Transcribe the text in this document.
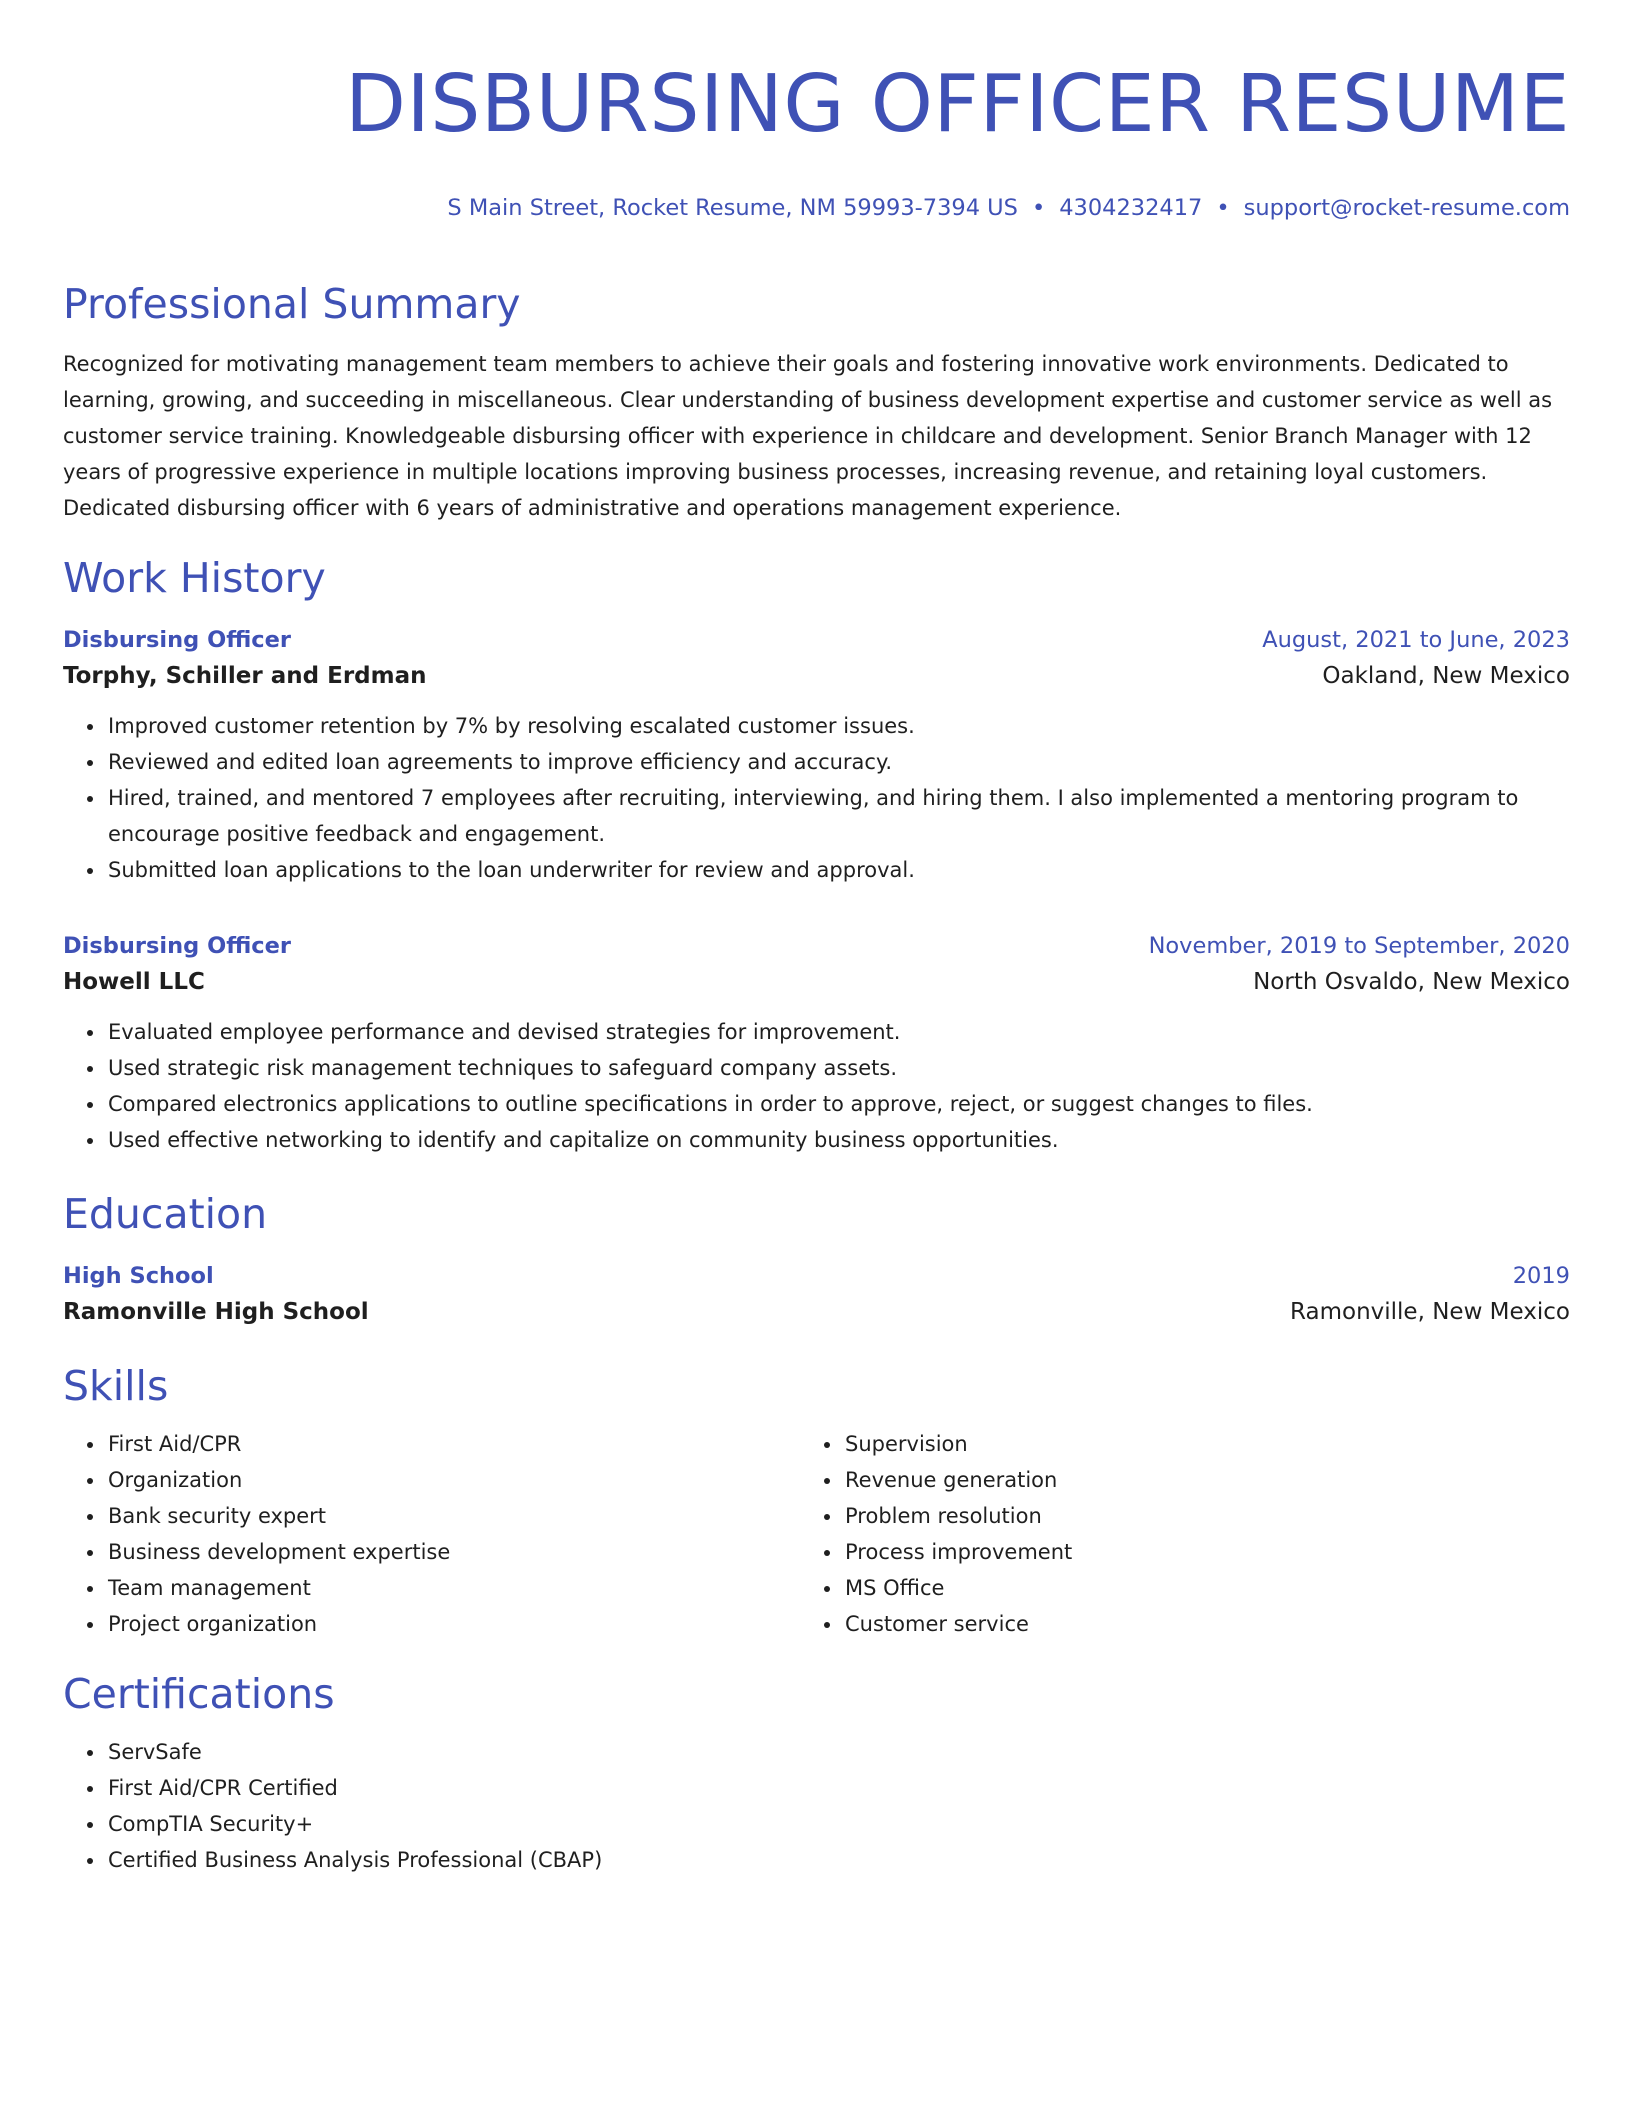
DISBURSING OFFICER RESUME
S Main Street, Rocket Resume, NM 59993-7394 US • 4304232417 • support@rocket-resume.com
Professional Summary

Recognized for motivating management team members to achieve their goals and fostering innovative work environments. Dedicated to learning, growing, and succeeding in miscellaneous. Clear understanding of business development expertise and customer service as well as customer service training. Knowledgeable disbursing officer with experience in childcare and development. Senior Branch Manager with 12 years of progressive experience in multiple locations improving business processes, increasing revenue, and retaining loyal customers. Dedicated disbursing officer with 6 years of administrative and operations management experience.

Work History
Disbursing Officer	August, 2021 to June, 2023
Torphy, Schiller and Erdman	Oakland, New Mexico
• Improved customer retention by 7% by resolving escalated customer issues.
• Reviewed and edited loan agreements to improve efficiency and accuracy.
• Hired, trained, and mentored 7 employees after recruiting, interviewing, and hiring them. I also implemented a mentoring program to encourage positive feedback and engagement.
• Submitted loan applications to the loan underwriter for review and approval.
Disbursing Officer	November, 2019 to September, 2020
Howell LLC	North Osvaldo, New Mexico
• Evaluated employee performance and devised strategies for improvement.
• Used strategic risk management techniques to safeguard company assets.
• Compared electronics applications to outline specifications in order to approve, reject, or suggest changes to files.
• Used effective networking to identify and capitalize on community business opportunities.
Education
High School	2019
Ramonville High School	Ramonville, New Mexico
Skills
• First Aid/CPR
• Organization
• Bank security expert
• Business development expertise
• Team management
• Project organization
• Supervision
• Revenue generation
• Problem resolution
• Process improvement
• MS Office
• Customer service
Certifications
• ServSafe
• First Aid/CPR Certified
• CompTIA Security+
• Certified Business Analysis Professional (CBAP)
